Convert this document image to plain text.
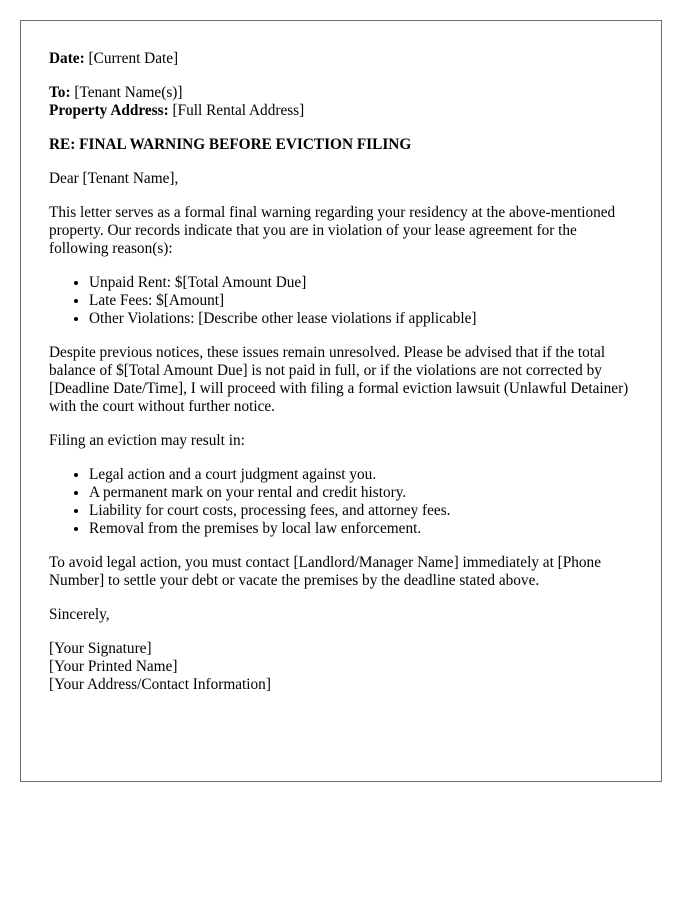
Date: [Current Date]
To: [Tenant Name(s)]
Property Address: [Full Rental Address]

RE: FINAL WARNING BEFORE EVICTION FILING

Dear [Tenant Name],

This letter serves as a formal final warning regarding your residency at the above-mentioned property. Our records indicate that you are in violation of your lease agreement for the following reason(s):

• Unpaid Rent: $[Total Amount Due]
• Late Fees: $[Amount]
• Other Violations: [Describe other lease violations if applicable]

Despite previous notices, these issues remain unresolved. Please be advised that if the total balance of $[Total Amount Due] is not paid in full, or if the violations are not corrected by [Deadline Date/Time], I will proceed with filing a formal eviction lawsuit (Unlawful Detainer) with the court without further notice.

Filing an eviction may result in:

• Legal action and a court judgment against you.
• A permanent mark on your rental and credit history.
• Liability for court costs, processing fees, and attorney fees.
• Removal from the premises by local law enforcement.

To avoid legal action, you must contact [Landlord/Manager Name] immediately at [Phone Number] to settle your debt or vacate the premises by the deadline stated above.

Sincerely,

[Your Signature]
[Your Printed Name]
[Your Address/Contact Information]
